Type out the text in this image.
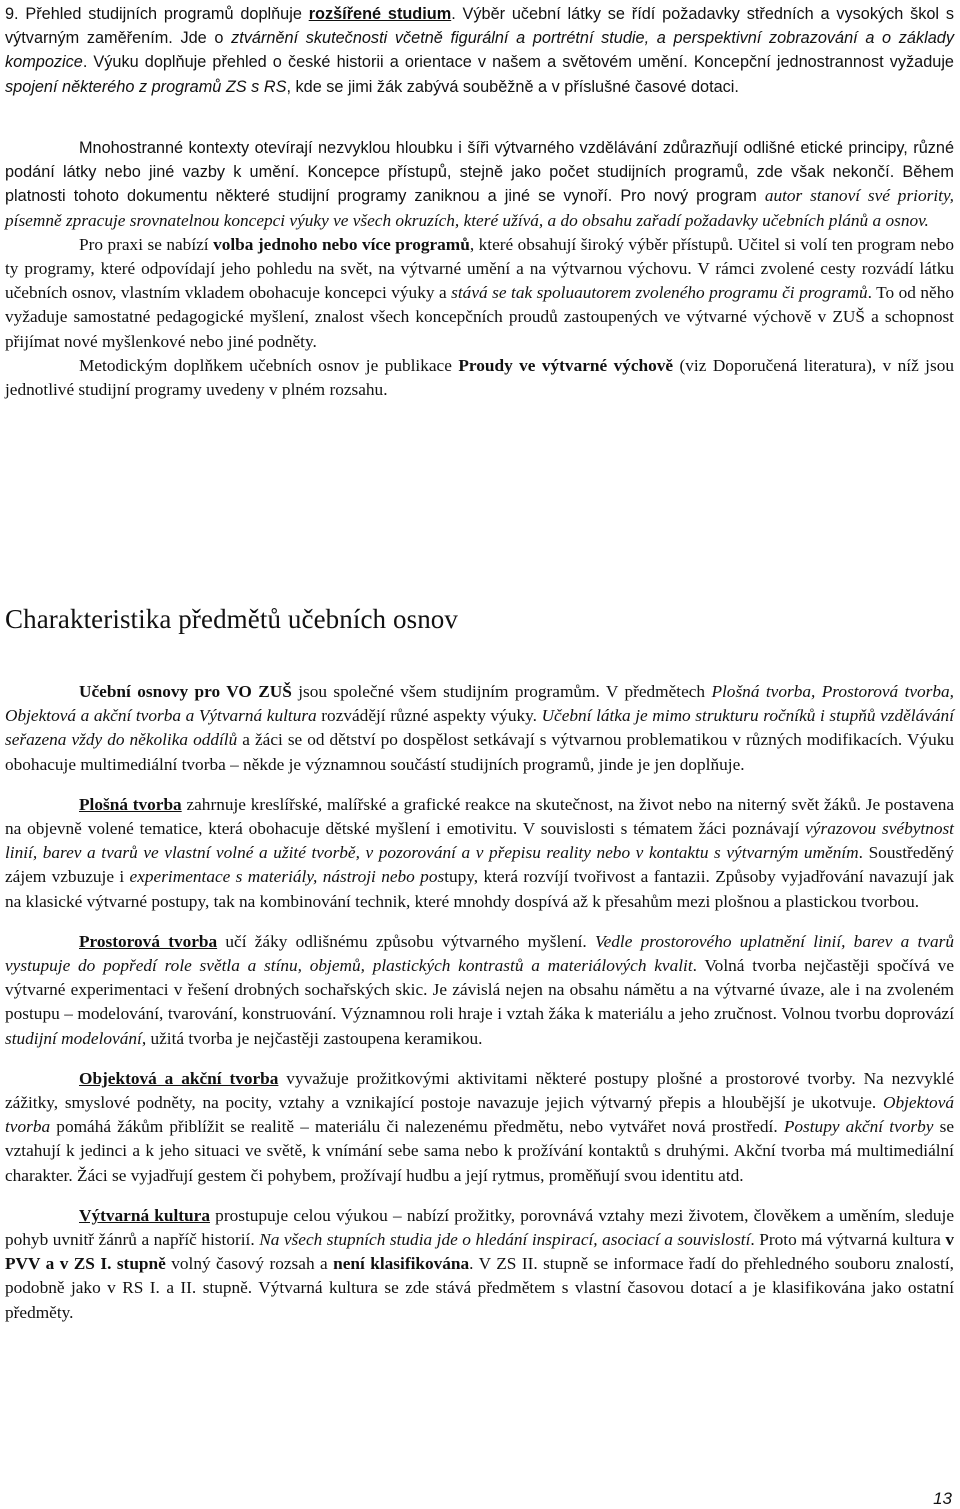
9. Přehled studijních programů doplňuje rozšířené studium. Výběr učební látky se řídí požadavky středních a vysokých škol s výtvarným zaměřením. Jde o ztvárnění skutečnosti včetně figurální a portrétní studie, a perspektivní zobrazování a o základy kompozice. Výuku doplňuje přehled o české historii a orientace v našem a světovém umění. Koncepční jednostrannost vyžaduje spojení některého z programů ZS s RS, kde se jimi žák zabývá souběžně a v příslušné časové dotaci.

Mnohostranné kontexty otevírají nezvyklou hloubku i šíři výtvarného vzdělávání zdůrazňují odlišné etické principy, různé podání látky nebo jiné vazby k umění. Koncepce přístupů, stejně jako počet studijních programů, zde však nekončí. Během platnosti tohoto dokumentu některé studijní programy zaniknou a jiné se vynoří. Pro nový program autor stanoví své priority, písemně zpracuje srovnatelnou koncepci výuky ve všech okruzích, které užívá, a do obsahu zařadí požadavky učebních plánů a osnov.

Pro praxi se nabízí volba jednoho nebo více programů, které obsahují široký výběr přístupů. Učitel si volí ten program nebo ty programy, které odpovídají jeho pohledu na svět, na výtvarné umění a na výtvarnou výchovu. V rámci zvolené cesty rozvádí látku učebních osnov, vlastním vkladem obohacuje koncepci výuky a stává se tak spoluautorem zvoleného programu či programů. To od něho vyžaduje samostatné pedagogické myšlení, znalost všech koncepčních proudů zastoupených ve výtvarné výchově v ZUŠ a schopnost přijímat nové myšlenkové nebo jiné podněty.

Metodickým doplňkem učebních osnov je publikace Proudy ve výtvarné výchově (viz Doporučená literatura), v níž jsou jednotlivé studijní programy uvedeny v plném rozsahu.

Charakteristika předmětů učebních osnov

Učební osnovy pro VO ZUŠ jsou společné všem studijním programům. V předmětech Plošná tvorba, Prostorová tvorba, Objektová a akční tvorba a Výtvarná kultura rozvádějí různé aspekty výuky. Učební látka je mimo strukturu ročníků i stupňů vzdělávání seřazena vždy do několika oddílů a žáci se od dětství po dospělost setkávají s výtvarnou problematikou v různých modifikacích. Výuku obohacuje multimediální tvorba – někde je významnou součástí studijních programů, jinde je jen doplňuje.

Plošná tvorba zahrnuje kreslířské, malířské a grafické reakce na skutečnost, na život nebo na niterný svět žáků. Je postavena na objevně volené tematice, která obohacuje dětské myšlení i emotivitu. V souvislosti s tématem žáci poznávají výrazovou svébytnost linií, barev a tvarů ve vlastní volné a užité tvorbě, v pozorování a v přepisu reality nebo v kontaktu s výtvarným uměním. Soustředěný zájem vzbuzuje i experimentace s materiály, nástroji nebo postupy, která rozvíjí tvořivost a fantazii. Způsoby vyjadřování navazují jak na klasické výtvarné postupy, tak na kombinování technik, které mnohdy dospívá až k přesahům mezi plošnou a plastickou tvorbou.

Prostorová tvorba učí žáky odlišnému způsobu výtvarného myšlení. Vedle prostorového uplatnění linií, barev a tvarů vystupuje do popředí role světla a stínu, objemů, plastických kontrastů a materiálových kvalit. Volná tvorba nejčastěji spočívá ve výtvarné experimentaci v řešení drobných sochařských skic. Je závislá nejen na obsahu námětu a na výtvarné úvaze, ale i na zvoleném postupu – modelování, tvarování, konstruování. Významnou roli hraje i vztah žáka k materiálu a jeho zručnost. Volnou tvorbu doprovází studijní modelování, užitá tvorba je nejčastěji zastoupena keramikou.

Objektová a akční tvorba vyvažuje prožitkovými aktivitami některé postupy plošné a prostorové tvorby. Na nezvyklé zážitky, smyslové podněty, na pocity, vztahy a vznikající postoje navazuje jejich výtvarný přepis a hloubější je ukotvuje. Objektová tvorba pomáhá žákům přiblížit se realitě – materiálu či nalezenému předmětu, nebo vytvářet nová prostředí. Postupy akční tvorby se vztahují k jedinci a k jeho situaci ve světě, k vnímání sebe sama nebo k prožívání kontaktů s druhými. Akční tvorba má multimediální charakter. Žáci se vyjadřují gestem či pohybem, prožívají hudbu a její rytmus, proměňují svou identitu atd.

Výtvarná kultura prostupuje celou výukou – nabízí prožitky, porovnává vztahy mezi životem, člověkem a uměním, sleduje pohyb uvnitř žánrů a napříč historií. Na všech stupních studia jde o hledání inspirací, asociací a souvislostí. Proto má výtvarná kultura v PVV a v ZS I. stupně volný časový rozsah a není klasifikována. V ZS II. stupně se informace řadí do přehledného souboru znalostí, podobně jako v RS I. a II. stupně. Výtvarná kultura se zde stává předmětem s vlastní časovou dotací a je klasifikována jako ostatní předměty.

13
